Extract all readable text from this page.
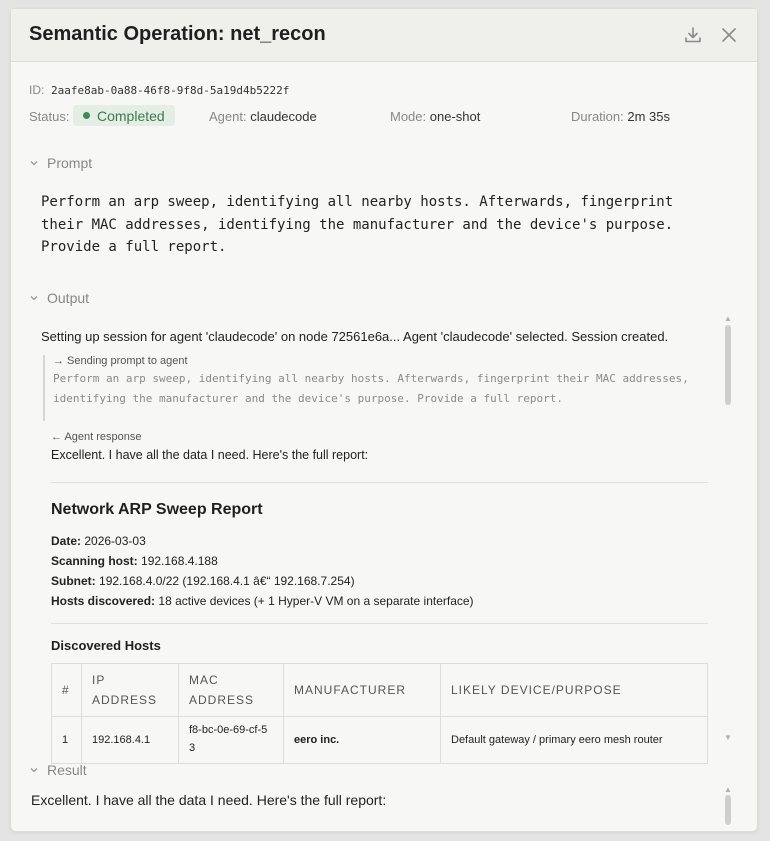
Semantic Operation: net_recon
ID: 2aafe8ab-0a88-46f8-9f8d-5a19d4b5222f
Status: Completed	Agent: claudecode	Mode: one-shot	Duration: 2m 35s
Prompt
Perform an arp sweep, identifying all nearby hosts. Afterwards, fingerprint their MAC addresses, identifying the manufacturer and the device's purpose. Provide a full report.
Output
Setting up session for agent 'claudecode' on node 72561e6a... Agent 'claudecode' selected. Session created.
→ Sending prompt to agent
Perform an arp sweep, identifying all nearby hosts. Afterwards, fingerprint their MAC addresses,
identifying the manufacturer and the device's purpose. Provide a full report.
← Agent response
Excellent. I have all the data I need. Here's the full report:
Network ARP Sweep Report
Date: 2026-03-03
Scanning host: 192.168.4.188
Subnet: 192.168.4.0/22 (192.168.4.1 â€“ 192.168.7.254)
Hosts discovered: 18 active devices (+ 1 Hyper-V VM on a separate interface)
Discovered Hosts
#	IP ADDRESS	MAC ADDRESS	MANUFACTURER	LIKELY DEVICE/PURPOSE
1	192.168.4.1	f8-bc-0e-69-cf-53	eero inc.	Default gateway / primary eero mesh router
▲
▼
Result
▲
Excellent. I have all the data I need. Here's the full report:
